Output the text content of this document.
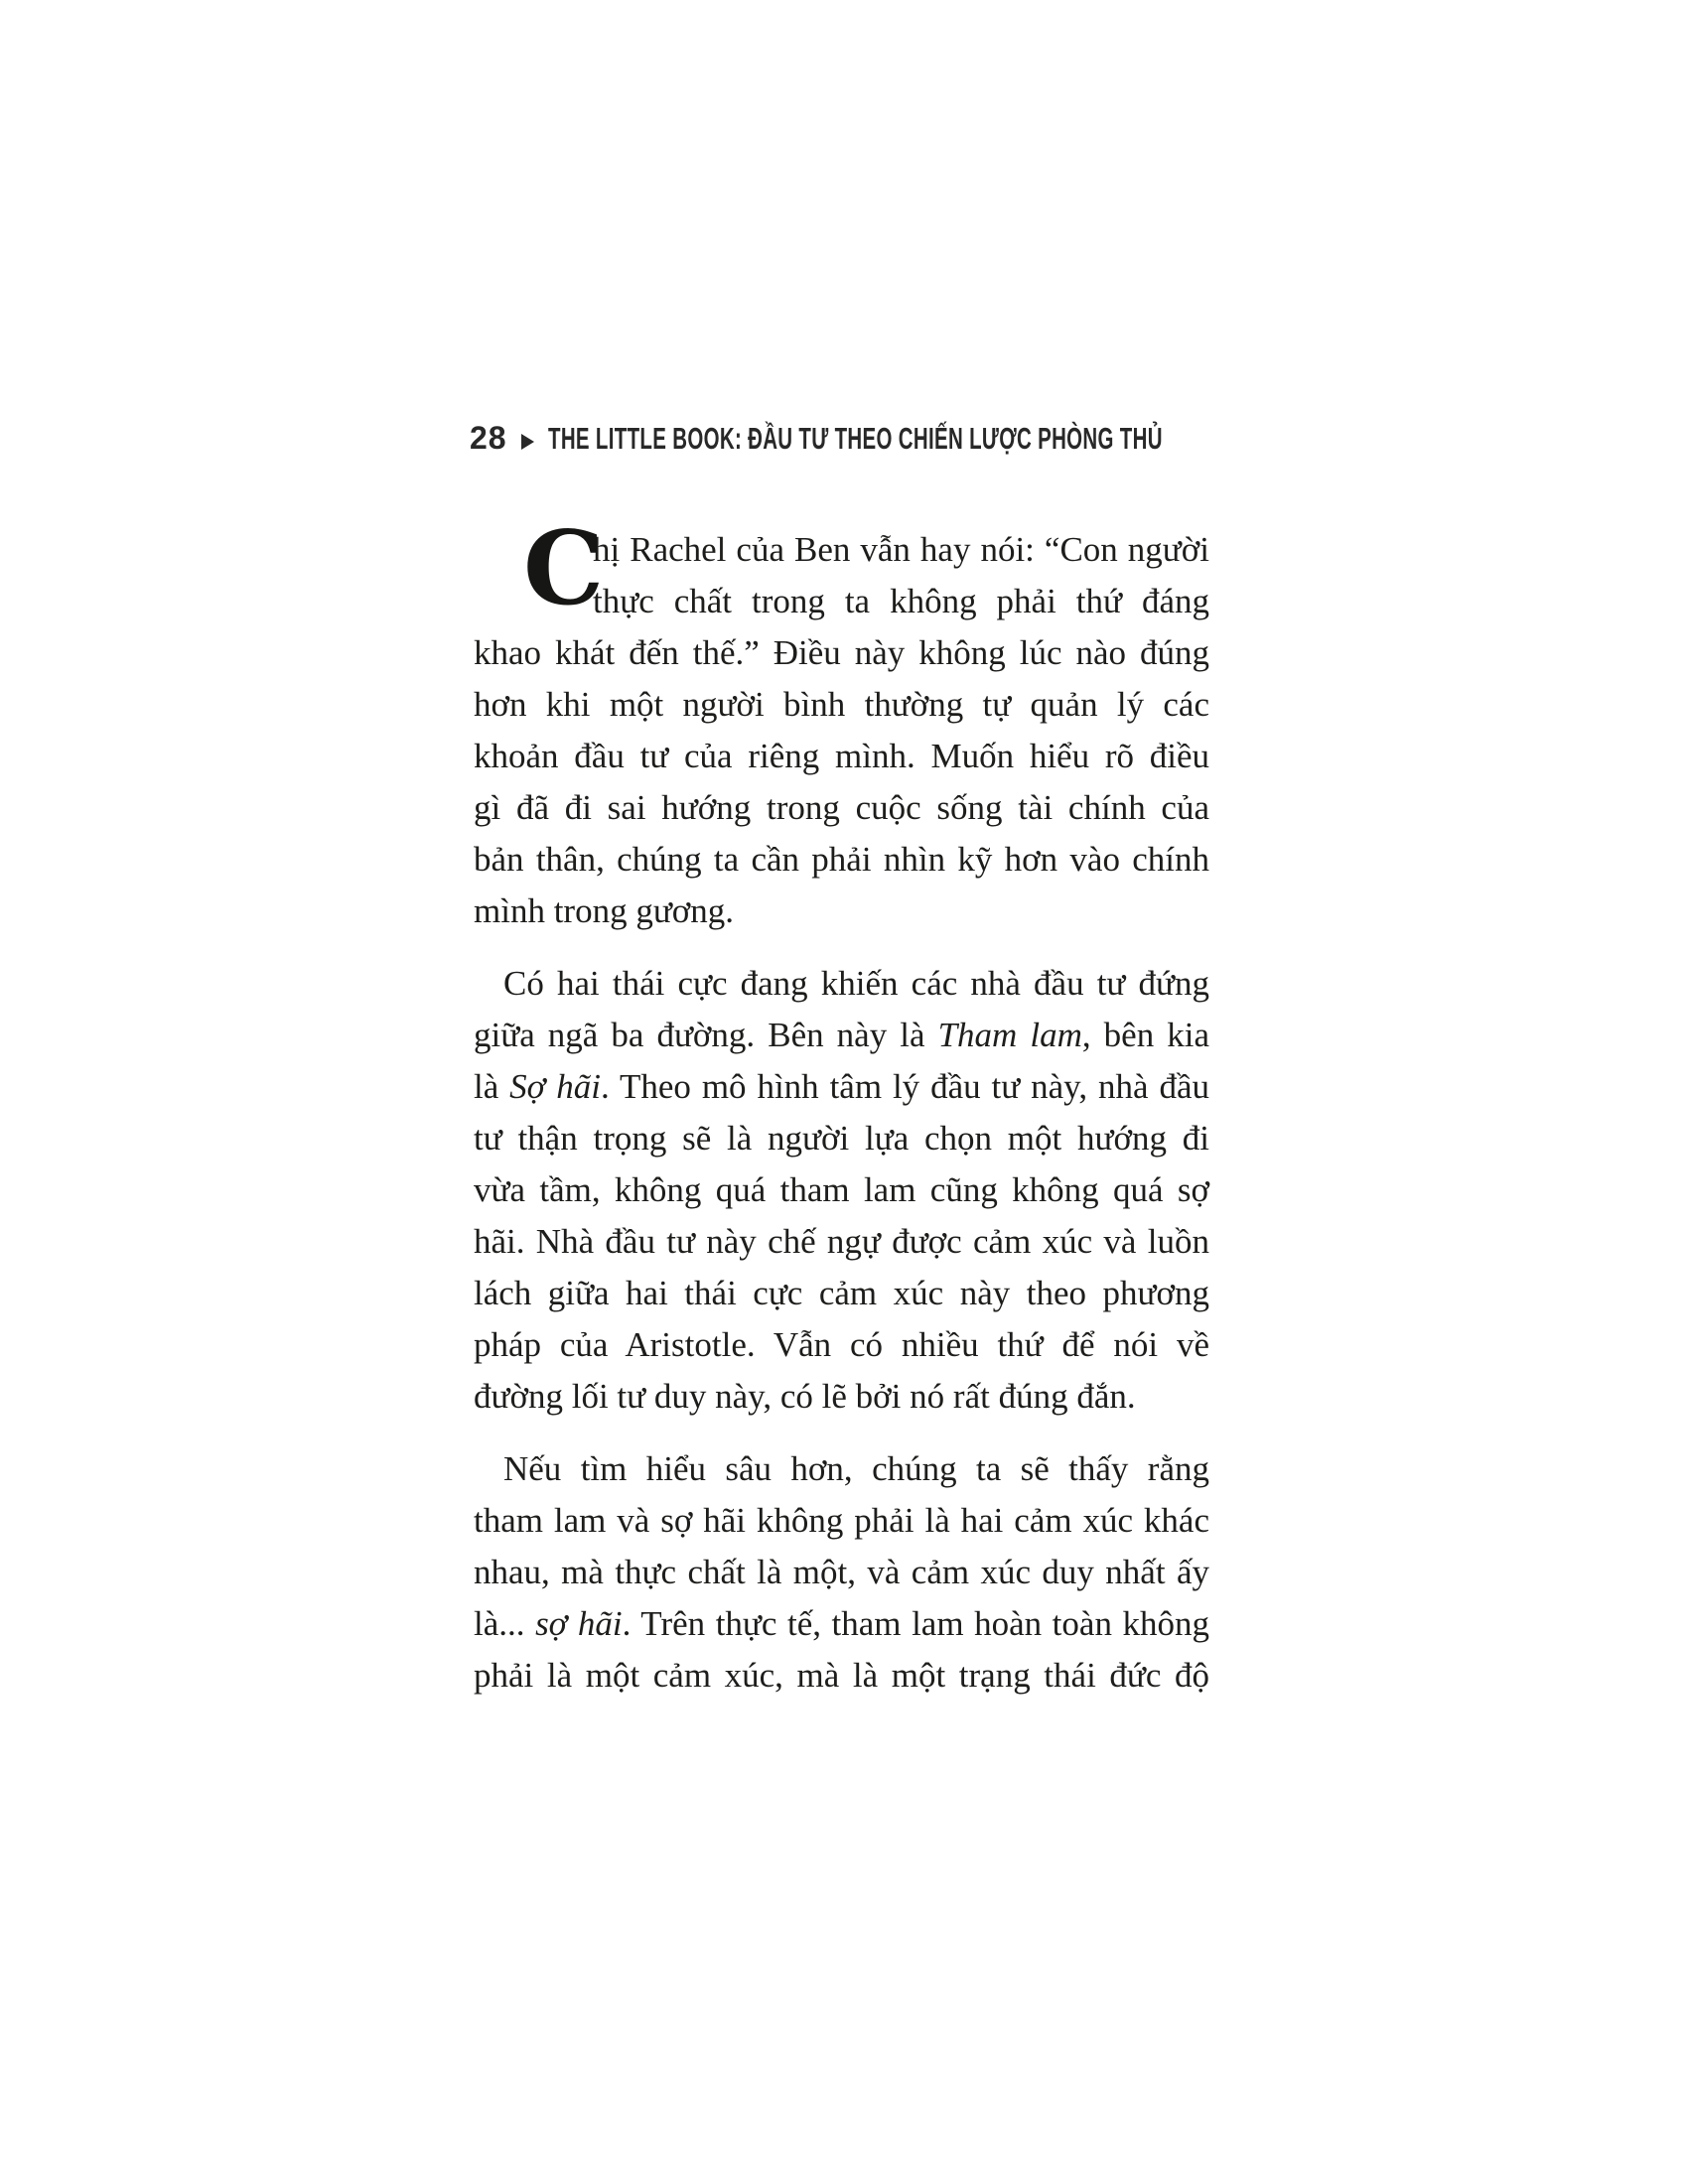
28 THE LITTLE BOOK: ĐẦU TƯ THEO CHIẾN LƯỢC PHÒNG THỦ
C
hị Rachel của Ben vẫn hay nói: “Con người
thực chất trong ta không phải thứ đáng
khao khát đến thế.” Điều này không lúc nào đúng
hơn khi một người bình thường tự quản lý các
khoản đầu tư của riêng mình. Muốn hiểu rõ điều
gì đã đi sai hướng trong cuộc sống tài chính của
bản thân, chúng ta cần phải nhìn kỹ hơn vào chính
mình trong gương.
Có hai thái cực đang khiến các nhà đầu tư đứng
giữa ngã ba đường. Bên này là Tham lam, bên kia
là Sợ hãi. Theo mô hình tâm lý đầu tư này, nhà đầu
tư thận trọng sẽ là người lựa chọn một hướng đi
vừa tầm, không quá tham lam cũng không quá sợ
hãi. Nhà đầu tư này chế ngự được cảm xúc và luồn
lách giữa hai thái cực cảm xúc này theo phương
pháp của Aristotle. Vẫn có nhiều thứ để nói về
đường lối tư duy này, có lẽ bởi nó rất đúng đắn.
Nếu tìm hiểu sâu hơn, chúng ta sẽ thấy rằng
tham lam và sợ hãi không phải là hai cảm xúc khác
nhau, mà thực chất là một, và cảm xúc duy nhất ấy
là... sợ hãi. Trên thực tế, tham lam hoàn toàn không
phải là một cảm xúc, mà là một trạng thái đức độ
